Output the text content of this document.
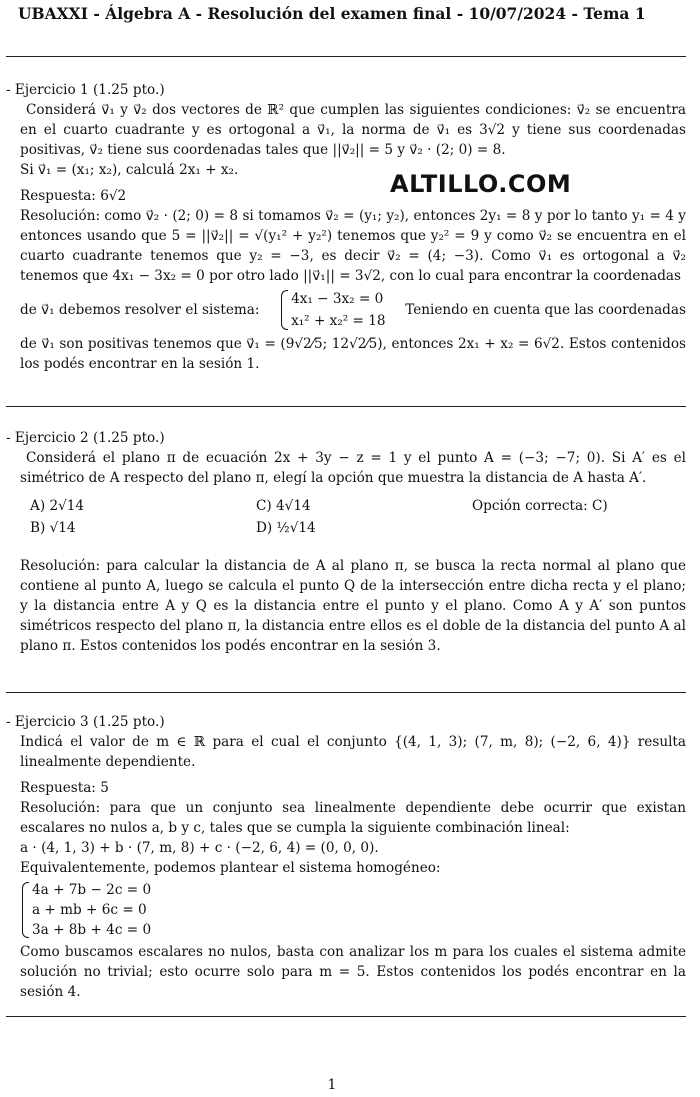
UBAXXI - Álgebra A - Resolución del examen final - 10/07/2024 - Tema 1

- Ejercicio 1 (1.25 pto.)

Considerá v⃗₁ y v⃗₂ dos vectores de ℝ² que cumplen las siguientes condiciones: v⃗₂ se encuentra en el cuarto cuadrante y es ortogonal a v⃗₁, la norma de v⃗₁ es 3√2 y tiene sus coordenadas positivas, v⃗₂ tiene sus coordenadas tales que ||v⃗₂|| = 5 y v⃗₂ · (2; 0) = 8.

Si v⃗₁ = (x₁; x₂), calculá 2x₁ + x₂.

Respuesta: 6√2

Resolución: como v⃗₂ · (2; 0) = 8 si tomamos v⃗₂ = (y₁; y₂), entonces 2y₁ = 8 y por lo tanto y₁ = 4 y entonces usando que 5 = ||v⃗₂|| = √(y₁² + y₂²) tenemos que y₂² = 9 y como v⃗₂ se encuentra en el cuarto cuadrante tenemos que y₂ = −3, es decir v⃗₂ = (4; −3). Como v⃗₁ es ortogonal a v⃗₂ tenemos que 4x₁ − 3x₂ = 0 por otro lado ||v⃗₁|| = 3√2, con lo cual para encontrar la coordenadas

de v⃗₁ debemos resolver el sistema:
4x₁ − 3x₂ = 0
x₁² + x₂² = 18
Teniendo en cuenta que las coordenadas

de v⃗₁ son positivas tenemos que v⃗₁ = (9√2⁄5; 12√2⁄5), entonces 2x₁ + x₂ = 6√2. Estos contenidos los podés encontrar en la sesión 1.

ALTILLO.COM

- Ejercicio 2 (1.25 pto.)

Considerá el plano π de ecuación 2x + 3y − z = 1 y el punto A = (−3; −7; 0). Si A′ es el simétrico de A respecto del plano π, elegí la opción que muestra la distancia de A hasta A′.

A) 2√14
B) √14
C) 4√14
D) ½√14
Opción correcta: C)

Resolución: para calcular la distancia de A al plano π, se busca la recta normal al plano que contiene al punto A, luego se calcula el punto Q de la intersección entre dicha recta y el plano; y la distancia entre A y Q es la distancia entre el punto y el plano. Como A y A′ son puntos simétricos respecto del plano π, la distancia entre ellos es el doble de la distancia del punto A al plano π. Estos contenidos los podés encontrar en la sesión 3.

- Ejercicio 3 (1.25 pto.)

Indicá el valor de m ∈ ℝ para el cual el conjunto {(4, 1, 3); (7, m, 8); (−2, 6, 4)} resulta linealmente dependiente.

Respuesta: 5

Resolución: para que un conjunto sea linealmente dependiente debe ocurrir que existan escalares no nulos a, b y c, tales que se cumpla la siguiente combinación lineal:

a · (4, 1, 3) + b · (7, m, 8) + c · (−2, 6, 4) = (0, 0, 0).

Equivalentemente, podemos plantear el sistema homogéneo:

4a + 7b − 2c = 0
a + mb + 6c = 0
3a + 8b + 4c = 0

Como buscamos escalares no nulos, basta con analizar los m para los cuales el sistema admite solución no trivial; esto ocurre solo para m = 5. Estos contenidos los podés encontrar en la sesión 4.

1
